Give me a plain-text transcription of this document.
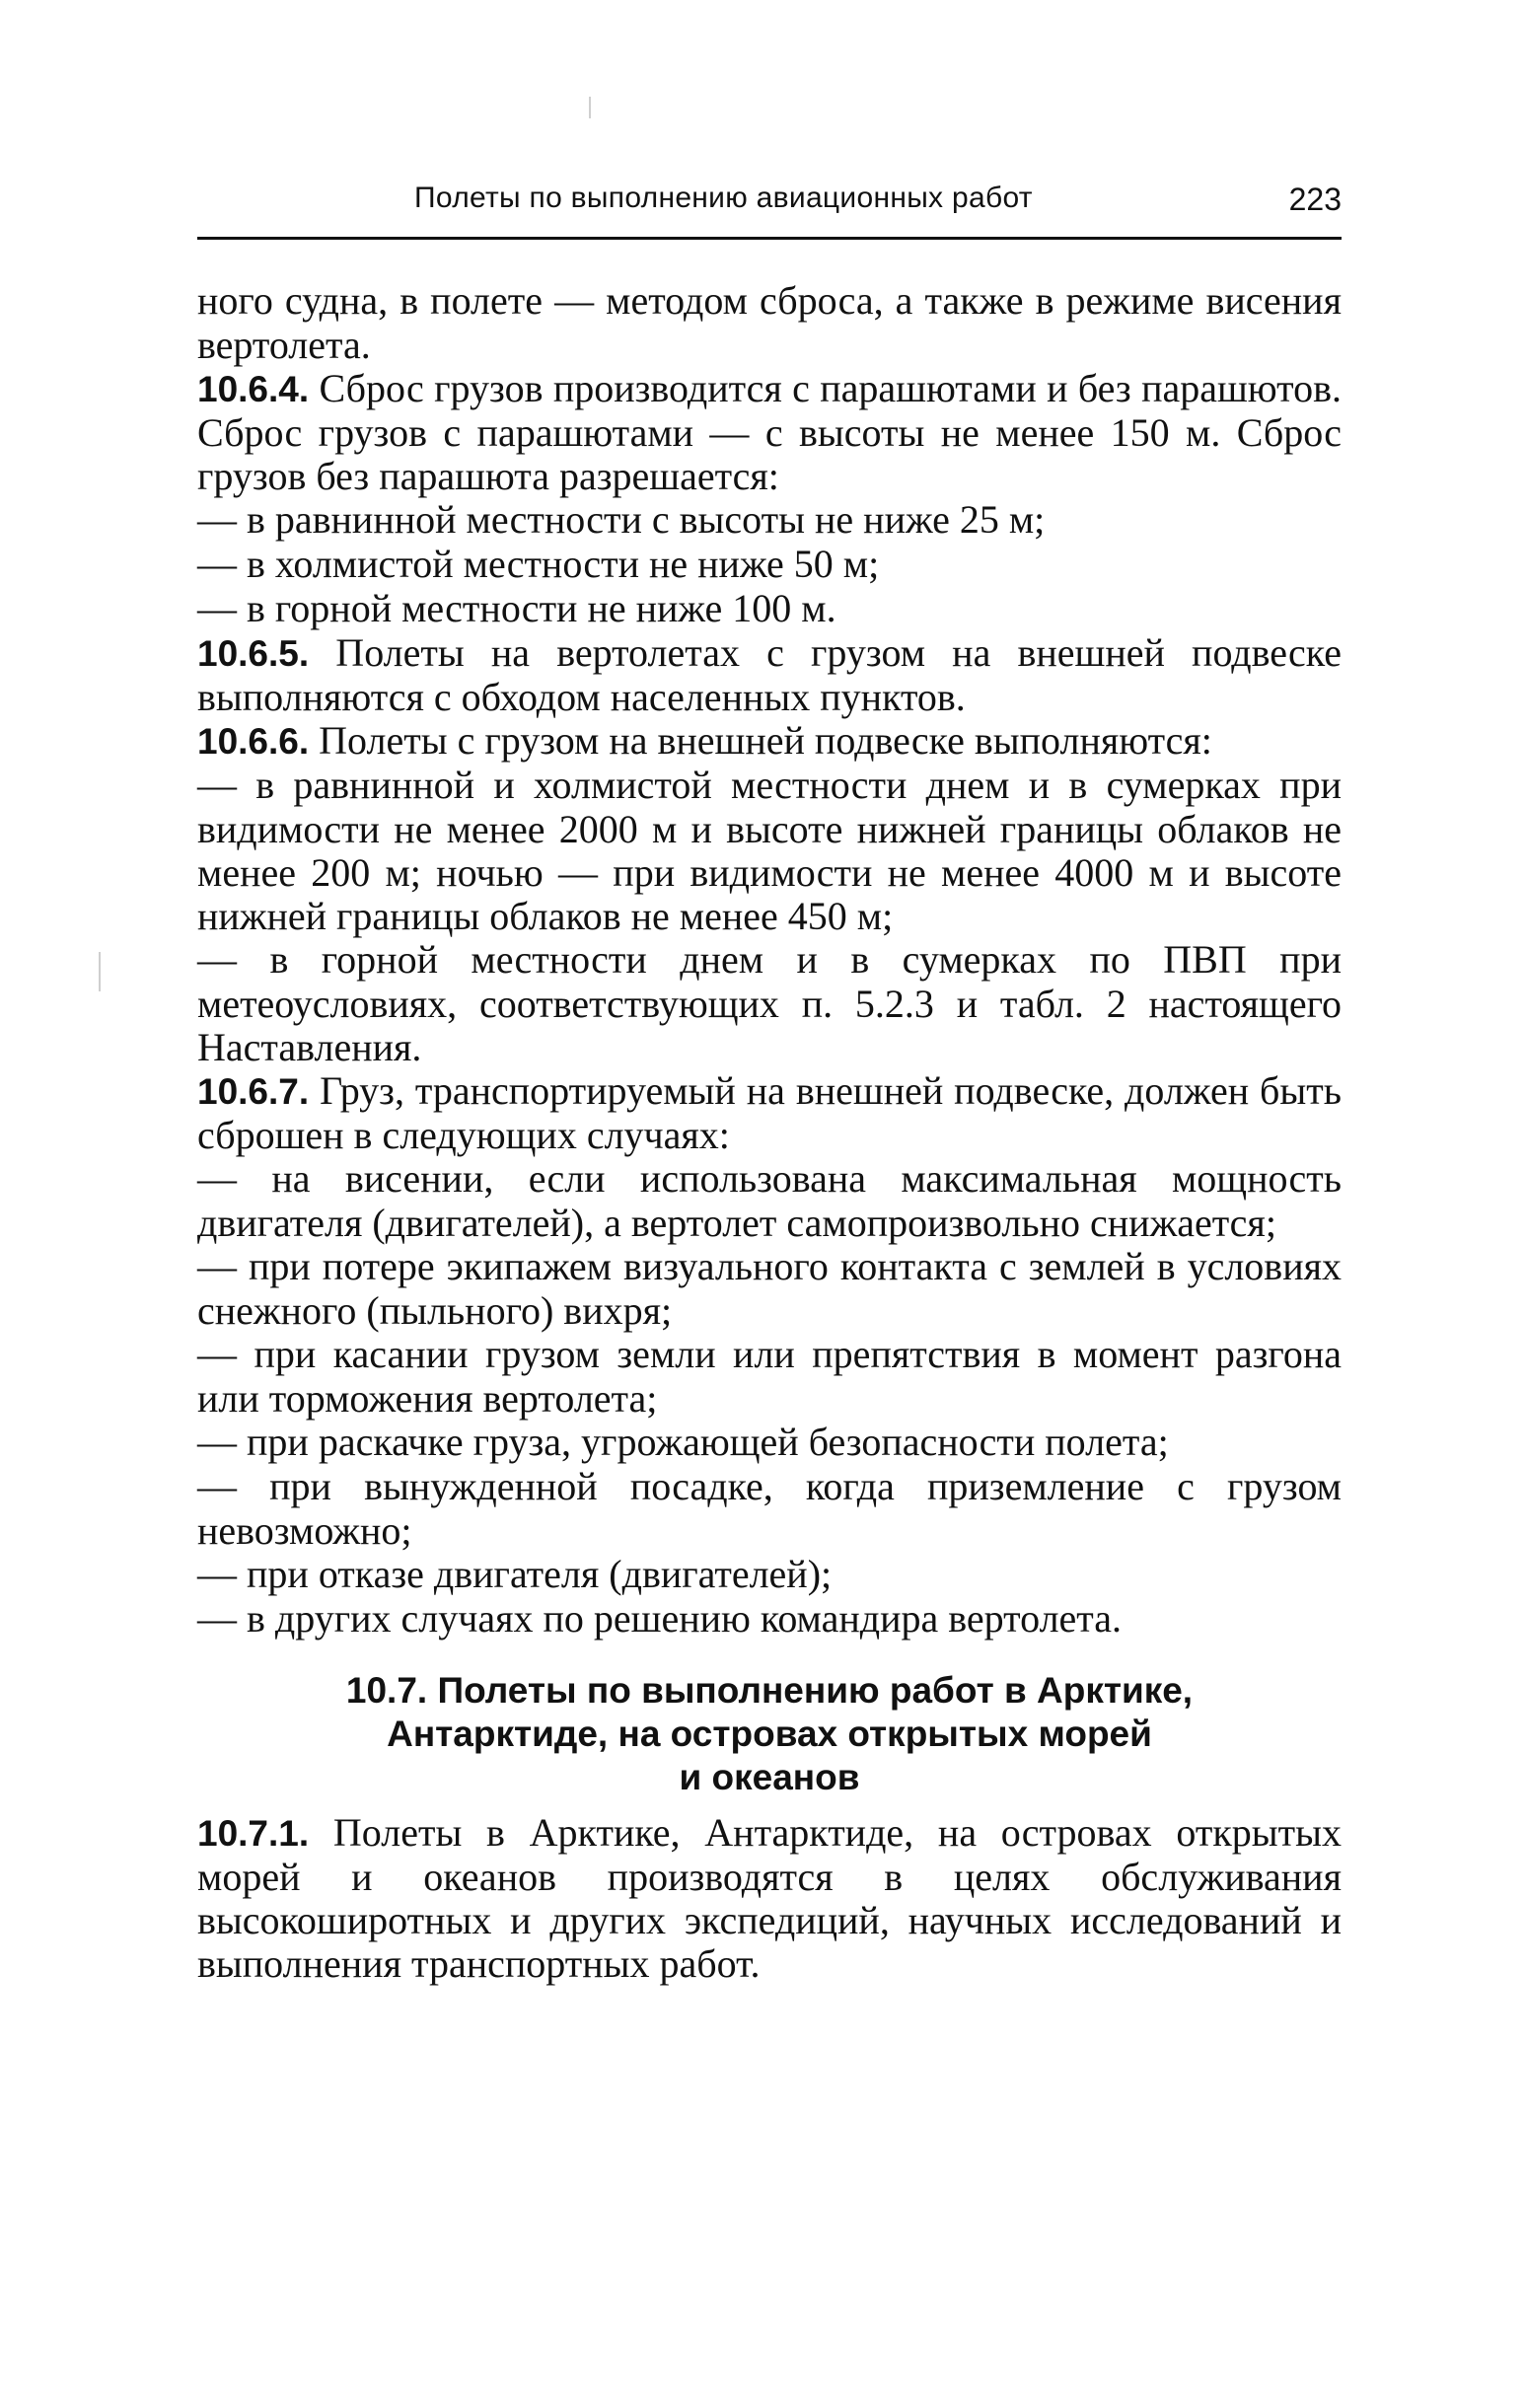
Полеты по выполнению авиационных работ	223

ного судна, в полете — методом сброса, а также в режиме висения вертолета.

10.6.4. Сброс грузов производится с парашютами и без парашютов. Сброс грузов с парашютами — с высоты не менее 150 м. Сброс грузов без парашюта разрешается:

— в равнинной местности с высоты не ниже 25 м;

— в холмистой местности не ниже 50 м;

— в горной местности не ниже 100 м.

10.6.5. Полеты на вертолетах с грузом на внешней подвеске выполняются с обходом населенных пунктов.

10.6.6. Полеты с грузом на внешней подвеске выполняются:

— в равнинной и холмистой местности днем и в сумерках при видимости не менее 2000 м и высоте нижней границы облаков не менее 200 м; ночью — при видимости не менее 4000 м и высоте нижней границы облаков не менее 450 м;

— в горной местности днем и в сумерках по ПВП при метеоусловиях, соответствующих п. 5.2.3 и табл. 2 настоящего Наставления.

10.6.7. Груз, транспортируемый на внешней подвеске, должен быть сброшен в следующих случаях:

— на висении, если использована максимальная мощность двигателя (двигателей), а вертолет самопроизвольно снижается;

— при потере экипажем визуального контакта с землей в условиях снежного (пыльного) вихря;

— при касании грузом земли или препятствия в момент разгона или торможения вертолета;

— при раскачке груза, угрожающей безопасности полета;

— при вынужденной посадке, когда приземление с грузом невозможно;

— при отказе двигателя (двигателей);

— в других случаях по решению командира вертолета.

10.7. Полеты по выполнению работ в Арктике,
Антарктиде, на островах открытых морей
и океанов

10.7.1. Полеты в Арктике, Антарктиде, на островах открытых морей и океанов производятся в целях обслуживания высокоширотных и других экспедиций, научных исследований и выполнения транспортных работ.
